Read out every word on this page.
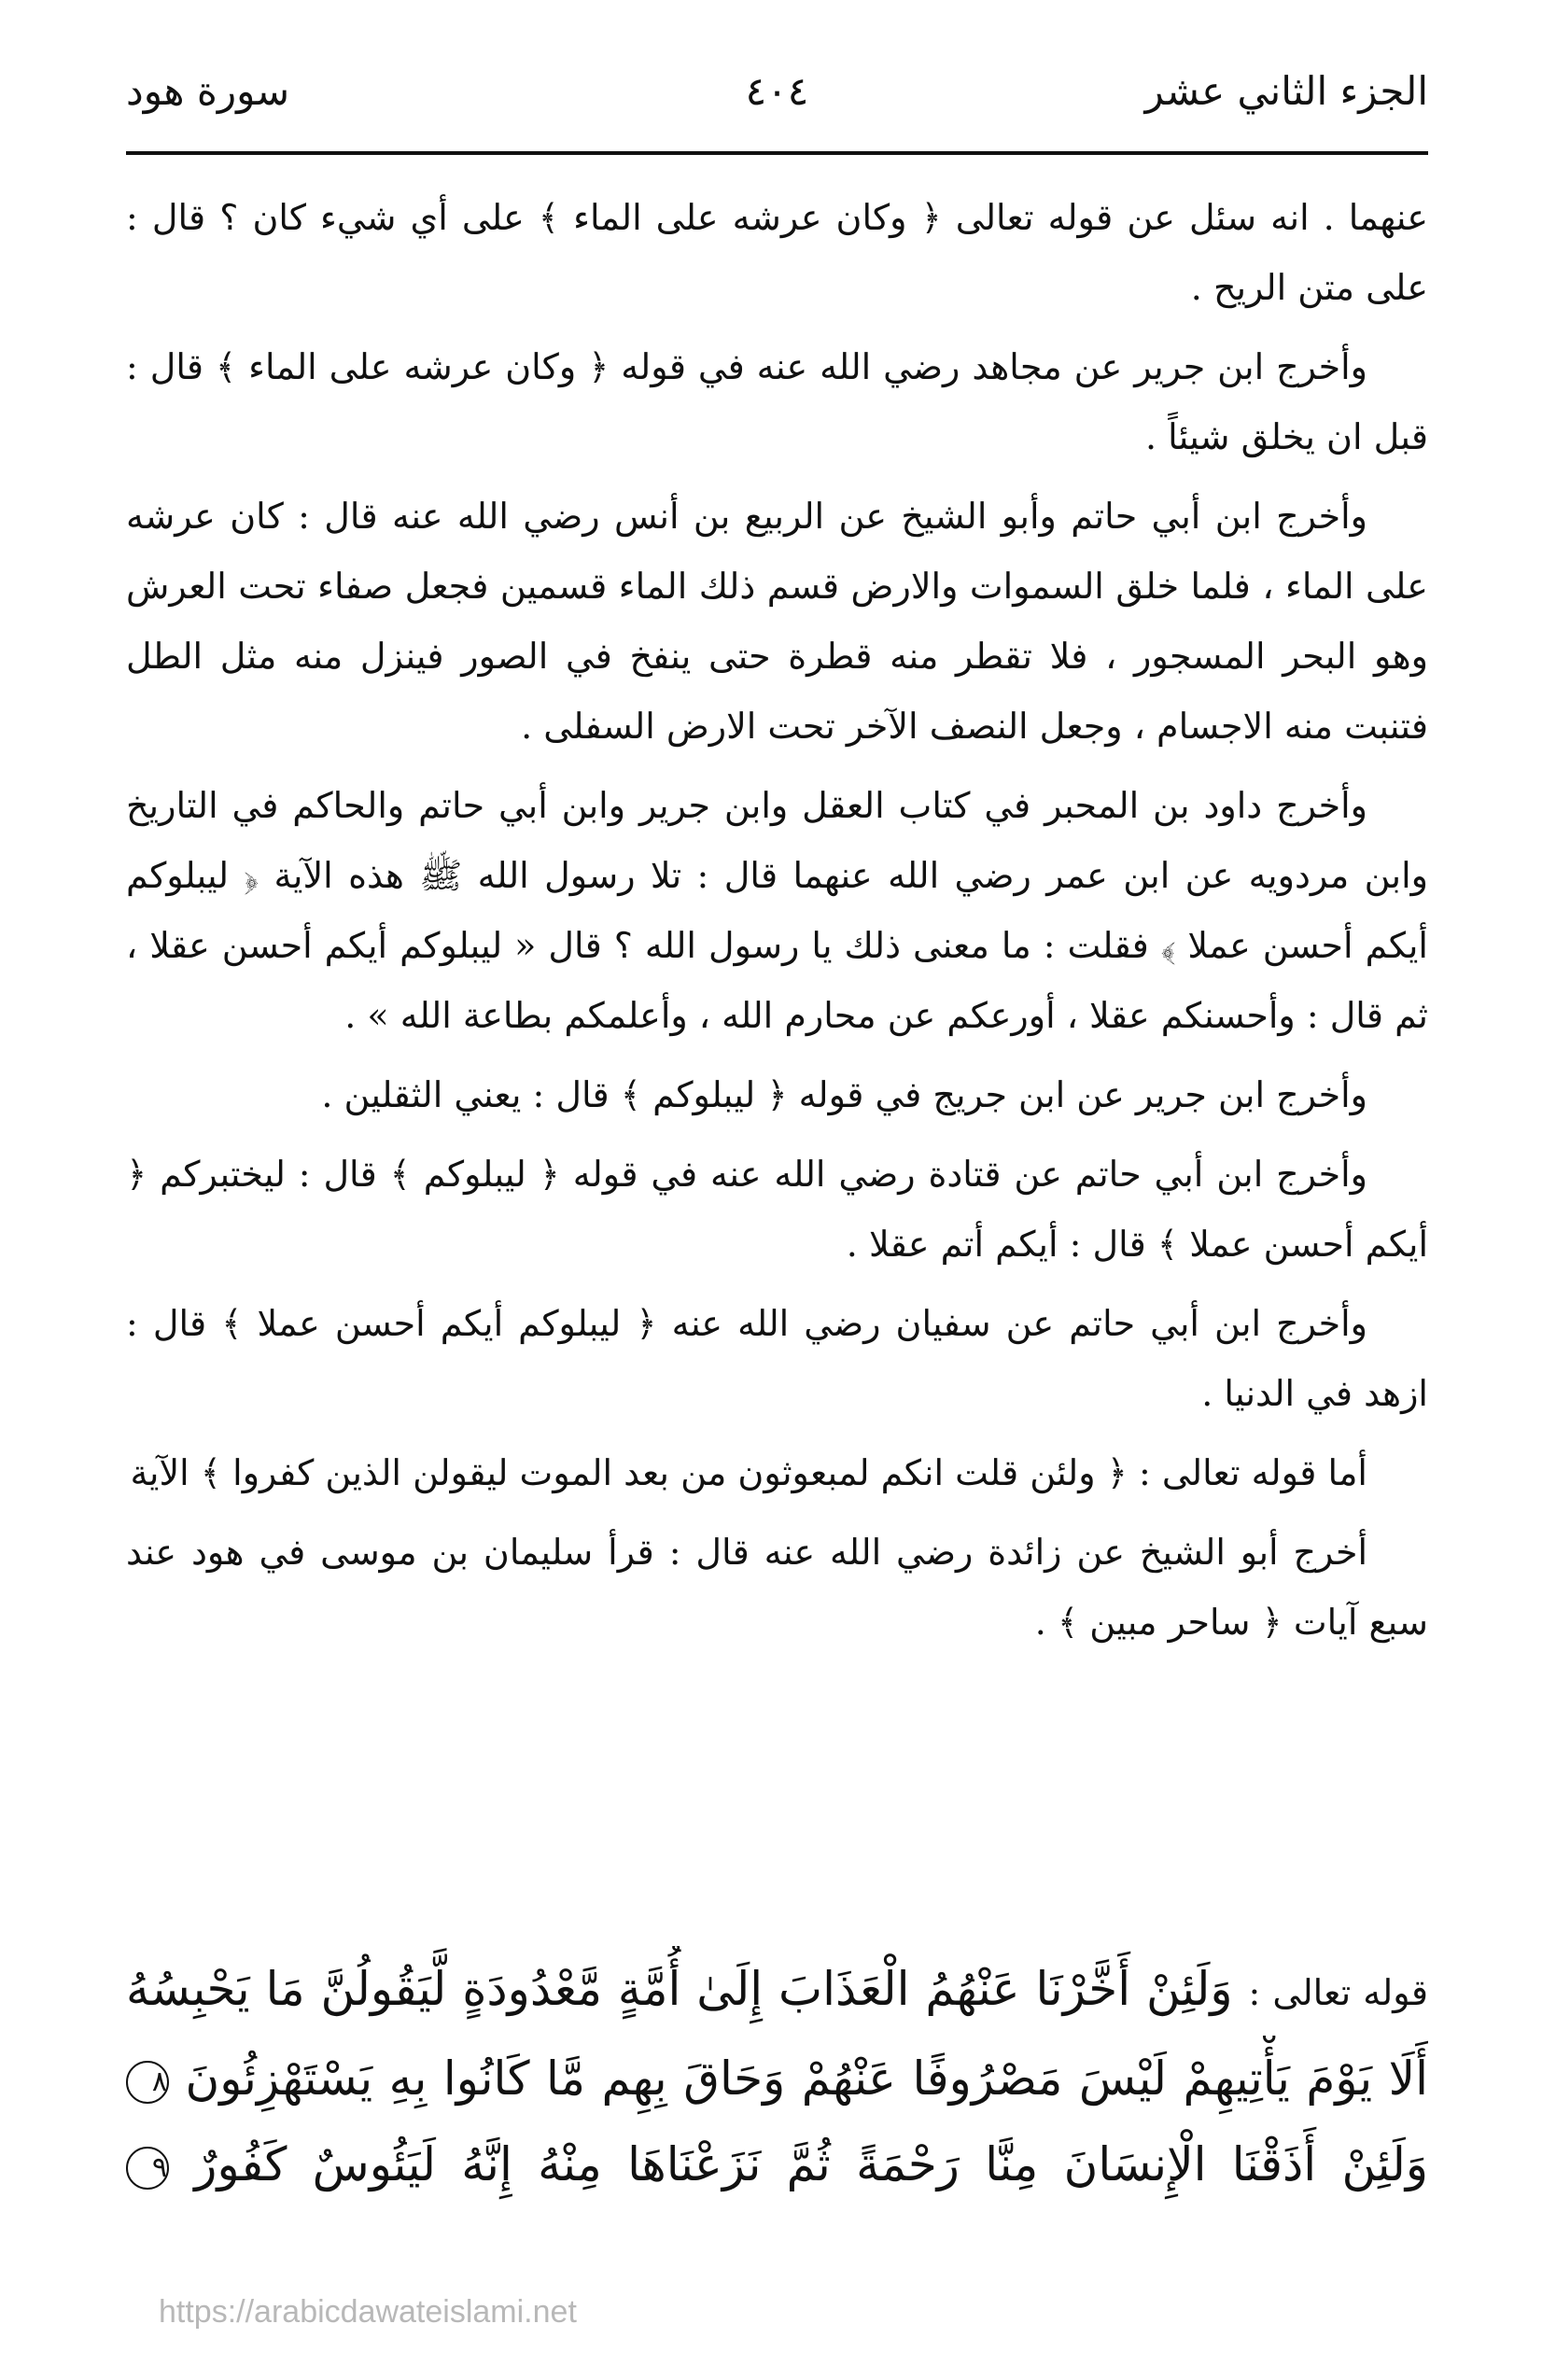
الجزء الثاني عشر
٤٠٤
سورة هود

عنهما . انه سئل عن قوله تعالى ﴿ وكان عرشه على الماء ﴾ على أي شيء كان ؟ قال : على متن الريح .

وأخرج ابن جرير عن مجاهد رضي الله عنه في قوله ﴿ وكان عرشه على الماء ﴾ قال : قبل ان يخلق شيئاً .

وأخرج ابن أبي حاتم وأبو الشيخ عن الربيع بن أنس رضي الله عنه قال : كان عرشه على الماء ، فلما خلق السموات والارض قسم ذلك الماء قسمين فجعل صفاء تحت العرش وهو البحر المسجور ، فلا تقطر منه قطرة حتى ينفخ في الصور فينزل منه مثل الطل فتنبت منه الاجسام ، وجعل النصف الآخر تحت الارض السفلى .

وأخرج داود بن المحبر في كتاب العقل وابن جرير وابن أبي حاتم والحاكم في التاريخ وابن مردويه عن ابن عمر رضي الله عنهما قال : تلا رسول الله ﷺ هذه الآية ﴿ ليبلوكم أيكم أحسن عملا ﴾ فقلت : ما معنى ذلك يا رسول الله ؟ قال « ليبلوكم أيكم أحسن عقلا ، ثم قال : وأحسنكم عقلا ، أورعكم عن محارم الله ، وأعلمكم بطاعة الله » .

وأخرج ابن جرير عن ابن جريج في قوله ﴿ ليبلوكم ﴾ قال : يعني الثقلين .

وأخرج ابن أبي حاتم عن قتادة رضي الله عنه في قوله ﴿ ليبلوكم ﴾ قال : ليختبركم ﴿ أيكم أحسن عملا ﴾ قال : أيكم أتم عقلا .

وأخرج ابن أبي حاتم عن سفيان رضي الله عنه ﴿ ليبلوكم أيكم أحسن عملا ﴾ قال : ازهد في الدنيا .

أما قوله تعالى : ﴿ ولئن قلت انكم لمبعوثون من بعد الموت ليقولن الذين كفروا ﴾ الآية

أخرج أبو الشيخ عن زائدة رضي الله عنه قال : قرأ سليمان بن موسى في هود عند سبع آيات ﴿ ساحر مبين ﴾ .

قوله تعالى : وَلَئِنْ أَخَّرْنَا عَنْهُمُ الْعَذَابَ إِلَىٰ أُمَّةٍ مَّعْدُودَةٍ لَّيَقُولُنَّ مَا يَحْبِسُهُ
أَلَا يَوْمَ يَأْتِيهِمْ لَيْسَ مَصْرُوفًا عَنْهُمْ وَحَاقَ بِهِم مَّا كَانُوا بِهِ يَسْتَهْزِئُونَ ٨
وَلَئِنْ أَذَقْنَا الْإِنسَانَ مِنَّا رَحْمَةً ثُمَّ نَزَعْنَاهَا مِنْهُ إِنَّهُ لَيَئُوسٌ كَفُورٌ ٩
https://arabicdawateislami.net
